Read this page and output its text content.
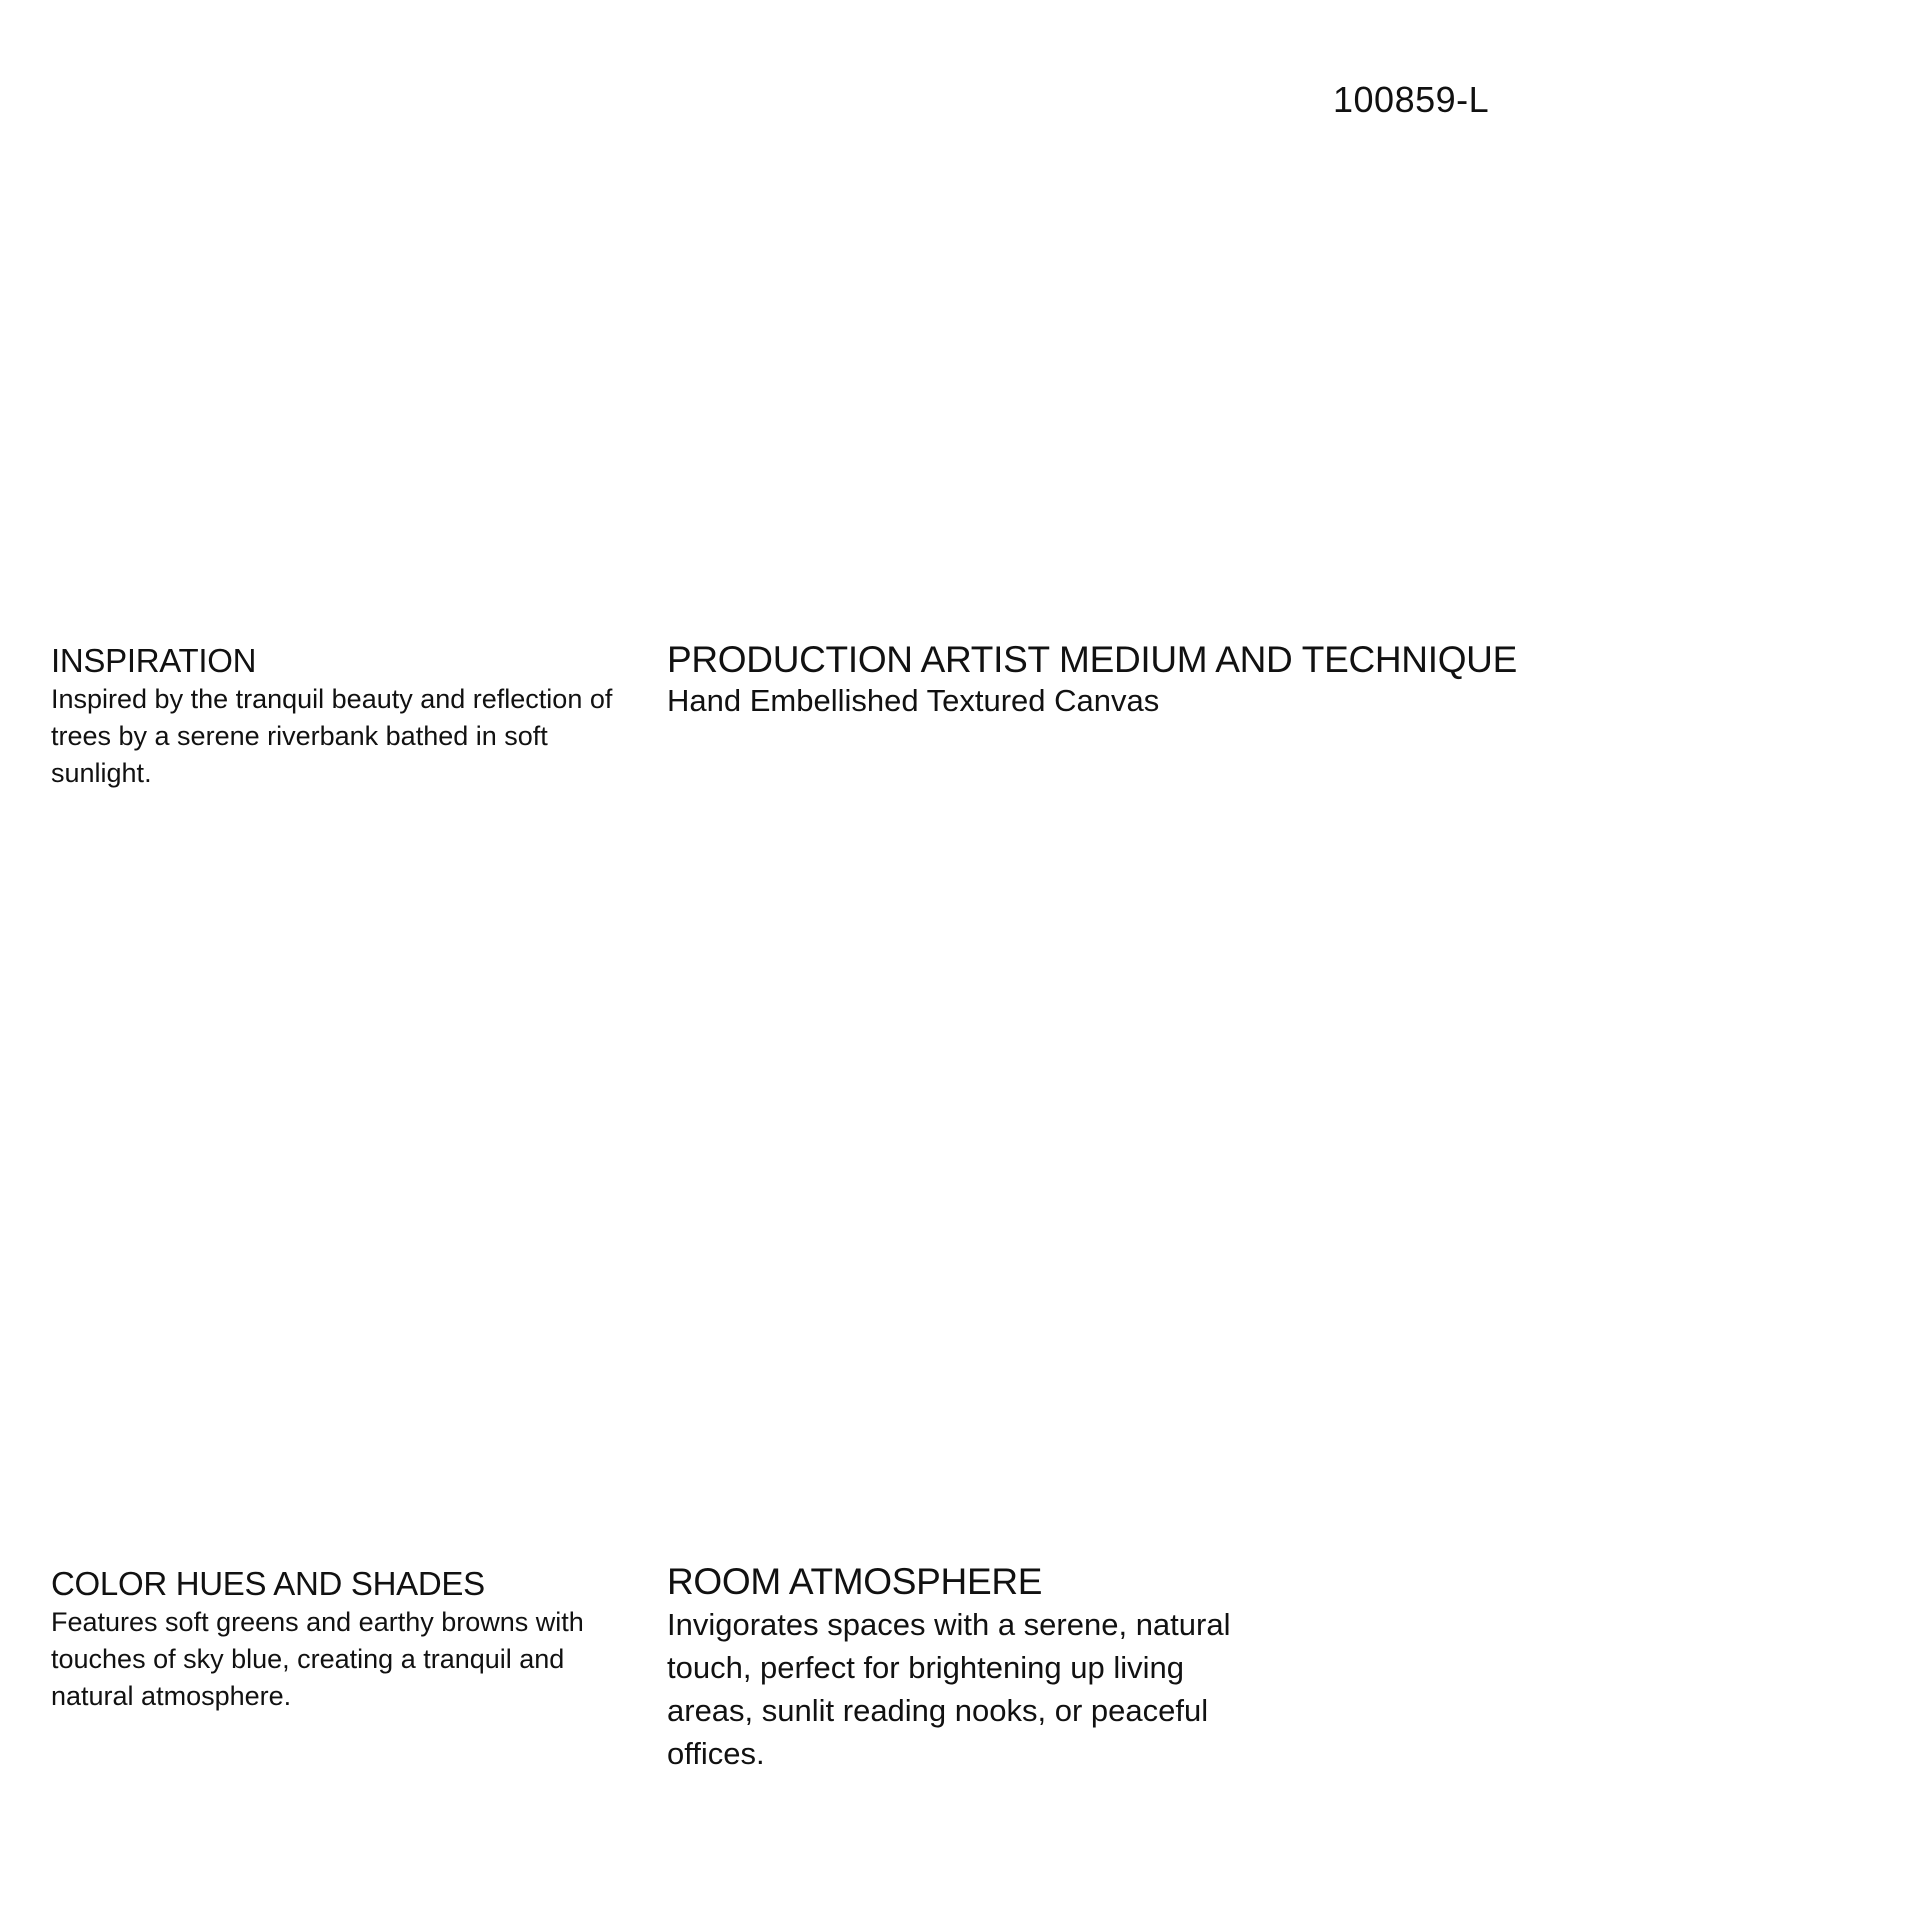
100859-L
INSPIRATION

Inspired by the tranquil beauty and reflection of trees by a serene riverbank bathed in soft sunlight.

PRODUCTION ARTIST MEDIUM AND TECHNIQUE

Hand Embellished Textured Canvas

COLOR HUES AND SHADES

Features soft greens and earthy browns with touches of sky blue, creating a tranquil and natural atmosphere.

ROOM ATMOSPHERE

Invigorates spaces with a serene, natural touch, perfect for brightening up living areas, sunlit reading nooks, or peaceful offices.
